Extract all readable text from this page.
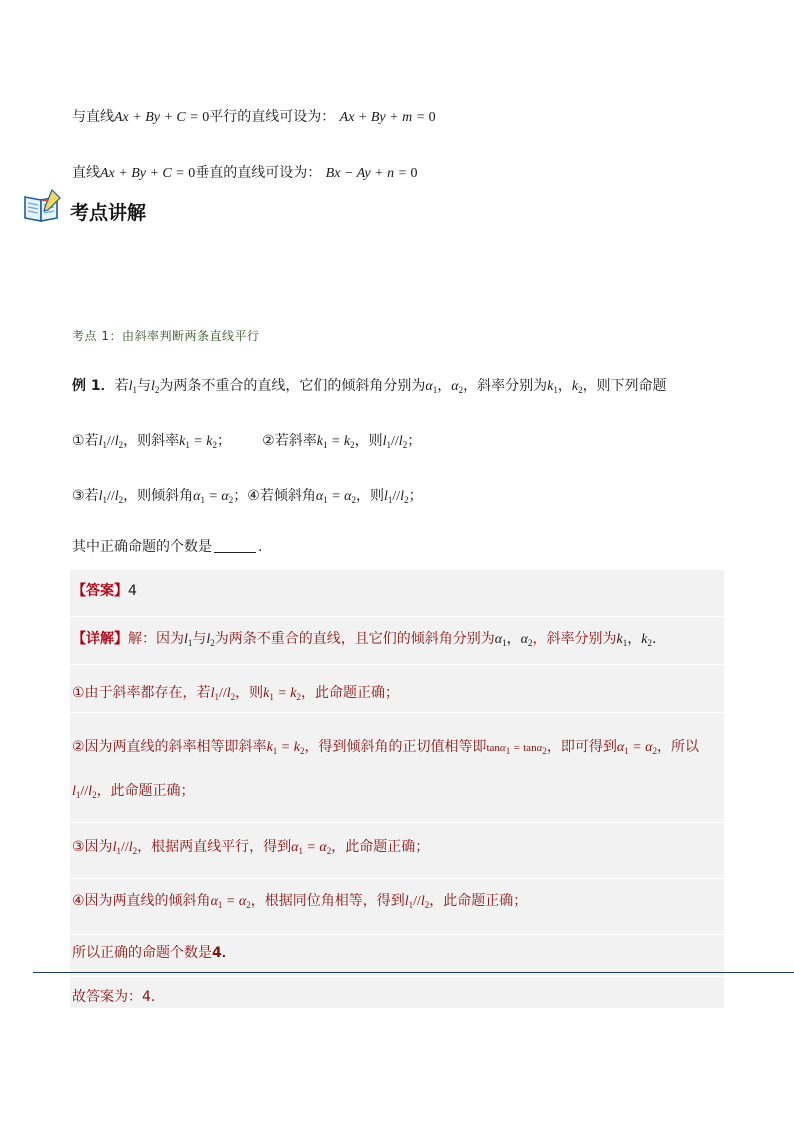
与直线Ax + By + C = 0平行的直线可设为： Ax + By + m = 0
直线Ax + By + C = 0垂直的直线可设为： Bx − Ay + n = 0
考点讲解
考点 1：由斜率判断两条直线平行
例 1．若$l_1$与$l_2$为两条不重合的直线，它们的倾斜角分别为$\alpha_1$，$\alpha_2$，斜率分别为$k_1$，$k_2$，则下列命题
①若$l_1//l_2$，则斜率$k_1 = k_2$；       ②若斜率$k_1 = k_2$，则$l_1//l_2$；
③若$l_1//l_2$，则倾斜角$\alpha_1 = \alpha_2$；④若倾斜角$\alpha_1 = \alpha_2$，则$l_1//l_2$；
其中正确命题的个数是	.
【答案】4
【详解】解：因为$l_1$与$l_2$为两条不重合的直线，且它们的倾斜角分别为$\alpha_1$，$\alpha_2$，斜率分别为$k_1$，$k_2$.
①由于斜率都存在，若$l_1//l_2$，则$k_1 = k_2$，此命题正确；
②因为两直线的斜率相等即斜率$k_1 = k_2$，得到倾斜角的正切值相等即tanα$_1$ = tanα$_2$，即可得到$\alpha_1 = \alpha_2$，所以
$l_1//l_2$，此命题正确；
③因为$l_1//l_2$，根据两直线平行，得到$\alpha_1 = \alpha_2$，此命题正确；
④因为两直线的倾斜角$\alpha_1 = \alpha_2$，根据同位角相等，得到$l_1//l_2$，此命题正确；
所以正确的命题个数是4．
故答案为：4．
